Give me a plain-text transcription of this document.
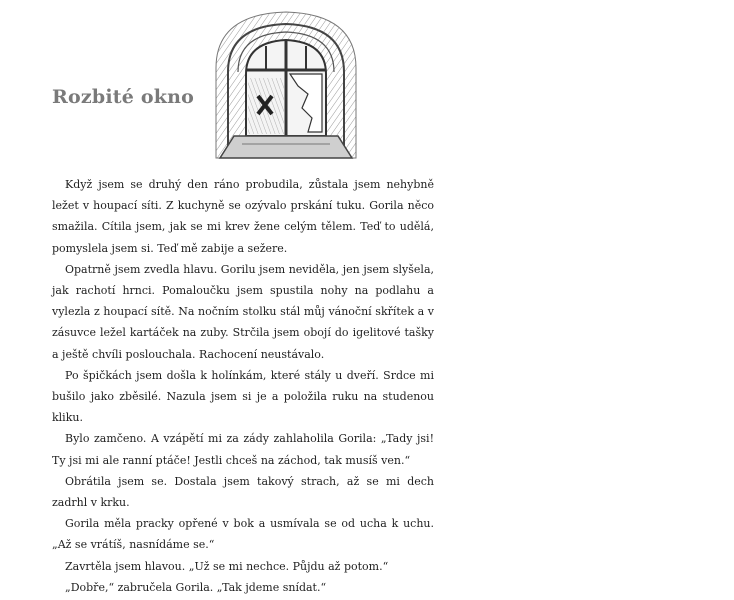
Rozbité okno

Když jsem se druhý den ráno probudila, zůstala jsem nehybně ležet v houpací síti. Z kuchyně se ozývalo prskání tuku. Gorila něco smažila. Cítila jsem, jak se mi krev žene celým tělem. Teď to udělá, pomyslela jsem si. Teď mě zabije a sežere.

Opatrně jsem zvedla hlavu. Gorilu jsem neviděla, jen jsem slyšela, jak rachotí hrnci. Pomaloučku jsem spustila nohy na podlahu a vylezla z houpací sítě. Na nočním stolku stál můj vánoční skřítek a v zásuvce ležel kartáček na zuby. Strčila jsem obojí do igelitové tašky a ještě chvíli poslouchala. Rachocení neustávalo.

Po špičkách jsem došla k holínkám, které stály u dveří. Srdce mi bušilo jako zběsilé. Nazula jsem si je a položila ruku na studenou kliku.

Bylo zamčeno. A vzápětí mi za zády zahlaholila Gorila: „Tady jsi! Ty jsi mi ale ranní ptáče! Jestli chceš na záchod, tak musíš ven.“

Obrátila jsem se. Dostala jsem takový strach, až se mi dech zadrhl v krku.

Gorila měla pracky opřené v bok a usmívala se od ucha k uchu. „Až se vrátíš, nasnídáme se.“

Zavrtěla jsem hlavou. „Už se mi nechce. Půjdu až potom.“

„Dobře,“ zabručela Gorila. „Tak jdeme snídat.“
